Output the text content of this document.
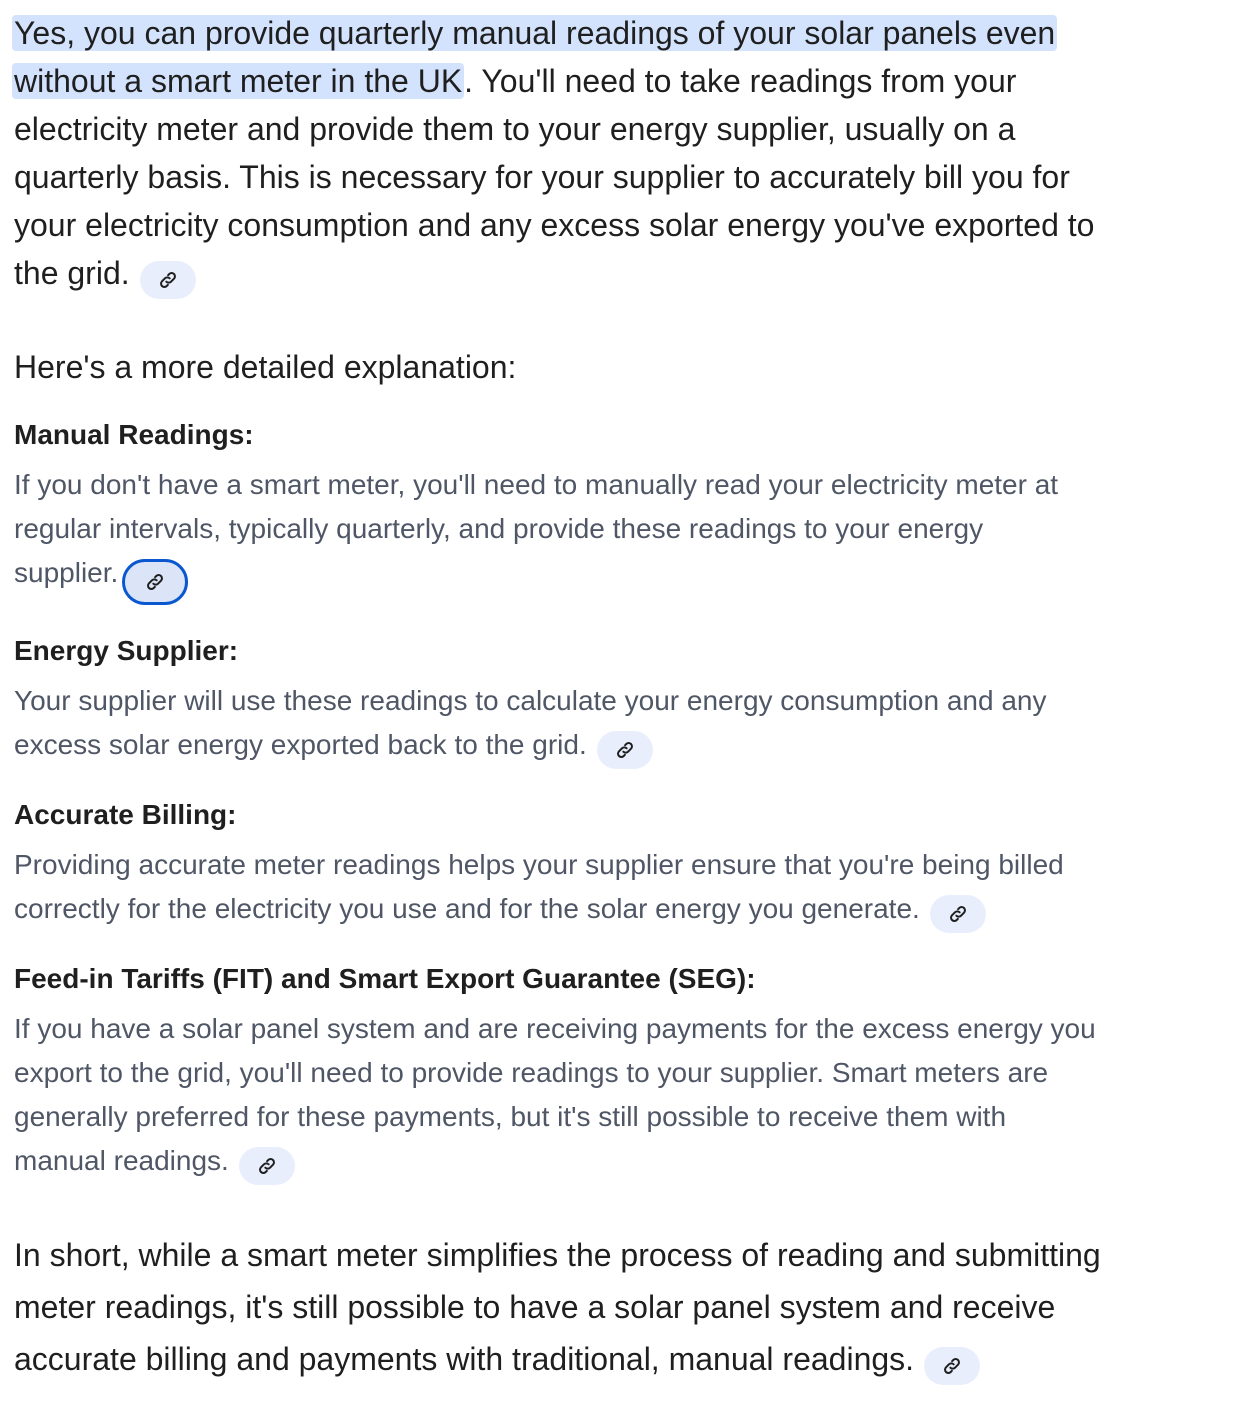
Yes, you can provide quarterly manual readings of your solar panels even
without a smart meter in the UK. You'll need to take readings from your
electricity meter and provide them to your energy supplier, usually on a
quarterly basis. This is necessary for your supplier to accurately bill you for
your electricity consumption and any excess solar energy you've exported to
the grid.

Here's a more detailed explanation:

Manual Readings:

If you don't have a smart meter, you'll need to manually read your electricity meter at
regular intervals, typically quarterly, and provide these readings to your energy
supplier.

Energy Supplier:

Your supplier will use these readings to calculate your energy consumption and any
excess solar energy exported back to the grid.

Accurate Billing:

Providing accurate meter readings helps your supplier ensure that you're being billed
correctly for the electricity you use and for the solar energy you generate.

Feed-in Tariffs (FIT) and Smart Export Guarantee (SEG):

If you have a solar panel system and are receiving payments for the excess energy you
export to the grid, you'll need to provide readings to your supplier. Smart meters are
generally preferred for these payments, but it's still possible to receive them with
manual readings.

In short, while a smart meter simplifies the process of reading and submitting
meter readings, it's still possible to have a solar panel system and receive
accurate billing and payments with traditional, manual readings.
